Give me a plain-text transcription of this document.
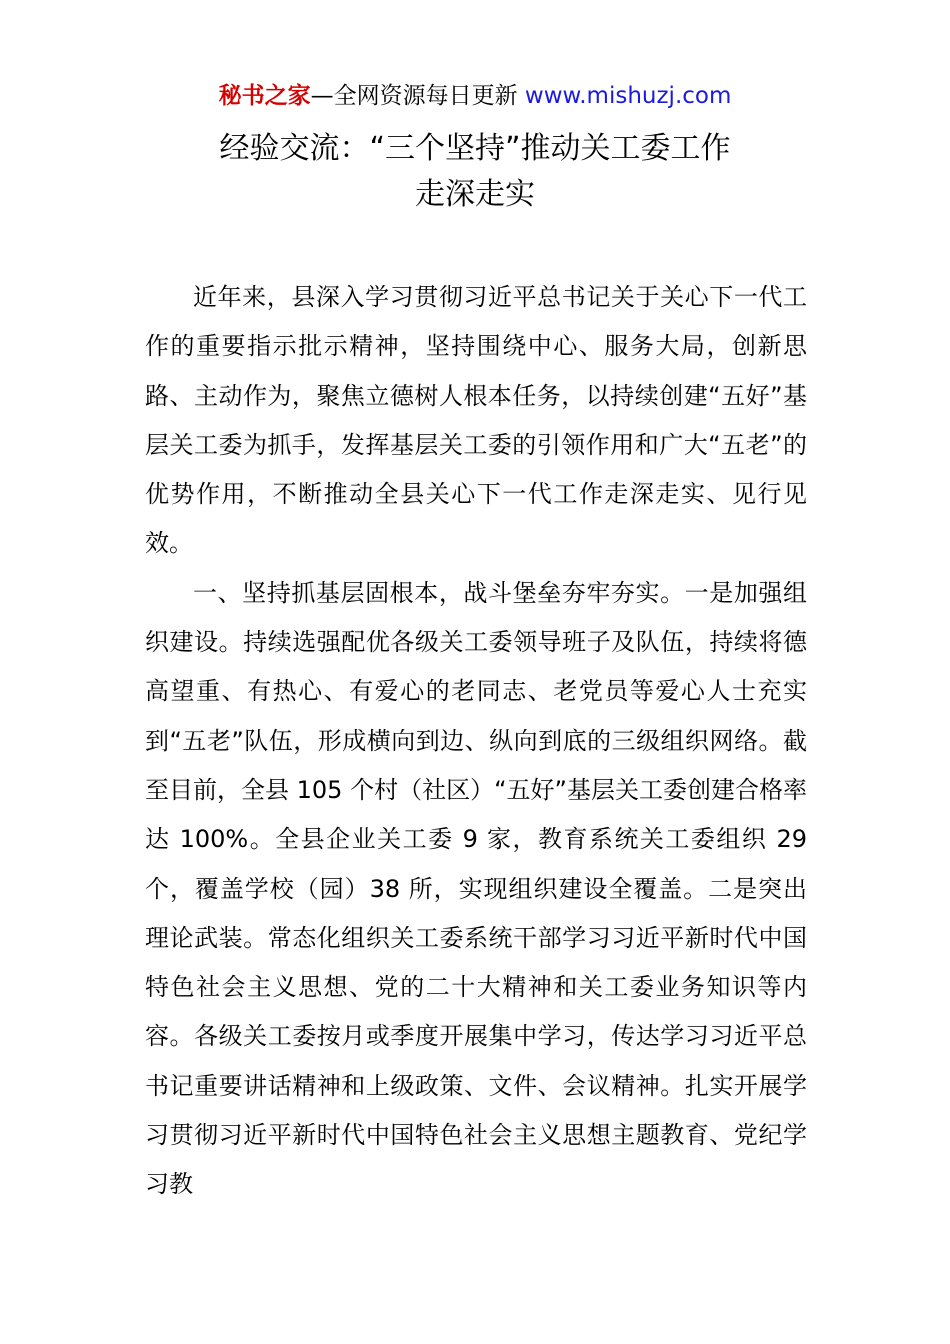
秘书之家—全网资源每日更新 www.mishuzj.com
经验交流：“三个坚持”推动关工委工作
走深走实

近年来，县深入学习贯彻习近平总书记关于关心下一代工作的重要指示批示精神，坚持围绕中心、服务大局，创新思路、主动作为，聚焦立德树人根本任务，以持续创建“五好”基层关工委为抓手，发挥基层关工委的引领作用和广大“五老”的优势作用，不断推动全县关心下一代工作走深走实、见行见效。

一、坚持抓基层固根本，战斗堡垒夯牢夯实。一是加强组织建设。持续选强配优各级关工委领导班子及队伍，持续将德高望重、有热心、有爱心的老同志、老党员等爱心人士充实到“五老”队伍，形成横向到边、纵向到底的三级组织网络。截至目前，全县 105 个村（社区）“五好”基层关工委创建合格率达 100%。全县企业关工委 9 家，教育系统关工委组织 29 个，覆盖学校（园）38 所，实现组织建设全覆盖。二是突出理论武装。常态化组织关工委系统干部学习习近平新时代中国特色社会主义思想、党的二十大精神和关工委业务知识等内容。各级关工委按月或季度开展集中学习，传达学习习近平总书记重要讲话精神和上级政策、文件、会议精神。扎实开展学习贯彻习近平新时代中国特色社会主义思想主题教育、党纪学习教
